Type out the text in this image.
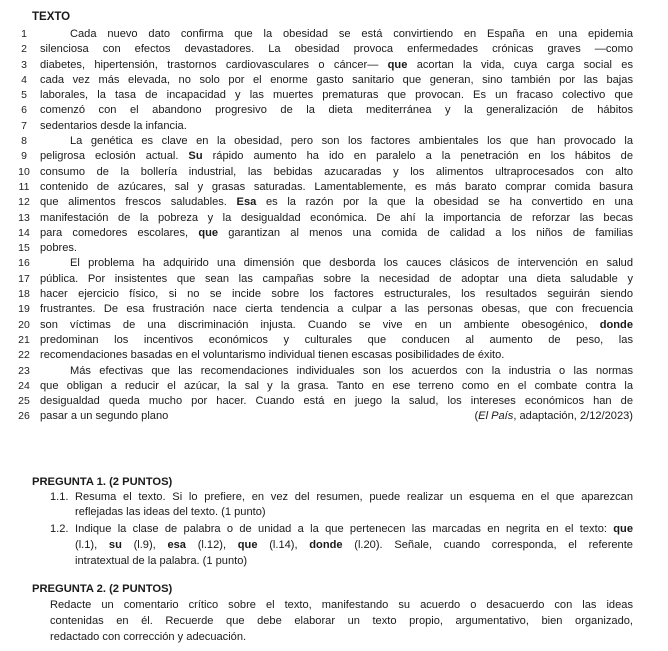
TEXTO
1	Cada nuevo dato confirma que la obesidad se está convirtiendo en España en una epidemia
2	silenciosa con efectos devastadores. La obesidad provoca enfermedades crónicas graves —como
3	diabetes, hipertensión, trastornos cardiovasculares o cáncer— que acortan la vida, cuya carga social es
4	cada vez más elevada, no solo por el enorme gasto sanitario que generan, sino también por las bajas
5	laborales, la tasa de incapacidad y las muertes prematuras que provocan. Es un fracaso colectivo que
6	comenzó con el abandono progresivo de la dieta mediterránea y la generalización de hábitos
7	sedentarios desde la infancia.
8	La genética es clave en la obesidad, pero son los factores ambientales los que han provocado la
9	peligrosa eclosión actual. Su rápido aumento ha ido en paralelo a la penetración en los hábitos de
10 consumo de la bollería industrial, las bebidas azucaradas y los alimentos ultraprocesados con alto
11 contenido de azúcares, sal y grasas saturadas. Lamentablemente, es más barato comprar comida basura
12 que alimentos frescos saludables. Esa es la razón por la que la obesidad se ha convertido en una
13 manifestación de la pobreza y la desigualdad económica. De ahí la importancia de reforzar las becas
14 para comedores escolares, que garantizan al menos una comida de calidad a los niños de familias
15 pobres.
16	El problema ha adquirido una dimensión que desborda los cauces clásicos de intervención en salud
17 pública. Por insistentes que sean las campañas sobre la necesidad de adoptar una dieta saludable y
18 hacer ejercicio físico, si no se incide sobre los factores estructurales, los resultados seguirán siendo
19 frustrantes. De esa frustración nace cierta tendencia a culpar a las personas obesas, que con frecuencia
20 son víctimas de una discriminación injusta. Cuando se vive en un ambiente obesogénico, donde
21 predominan los incentivos económicos y culturales que conducen al aumento de peso, las
22 recomendaciones basadas en el voluntarismo individual tienen escasas posibilidades de éxito.
23	Más efectivas que las recomendaciones individuales son los acuerdos con la industria o las normas
24 que obligan a reducir el azúcar, la sal y la grasa. Tanto en ese terreno como en el combate contra la
25 desigualdad queda mucho por hacer. Cuando está en juego la salud, los intereses económicos han de
26 pasar a un segundo plano	(El País, adaptación, 2/12/2023)
PREGUNTA 1. (2 PUNTOS)
1.1. Resuma el texto. Si lo prefiere, en vez del resumen, puede realizar un esquema en el que aparezcan
reflejadas las ideas del texto. (1 punto)
1.2. Indique la clase de palabra o de unidad a la que pertenecen las marcadas en negrita en el texto: que
(l.1), su (l.9), esa (l.12), que (l.14), donde (l.20). Señale, cuando corresponda, el referente
intratextual de la palabra. (1 punto)
PREGUNTA 2. (2 PUNTOS)
Redacte un comentario crítico sobre el texto, manifestando su acuerdo o desacuerdo con las ideas
contenidas en él. Recuerde que debe elaborar un texto propio, argumentativo, bien organizado,
redactado con corrección y adecuación.
